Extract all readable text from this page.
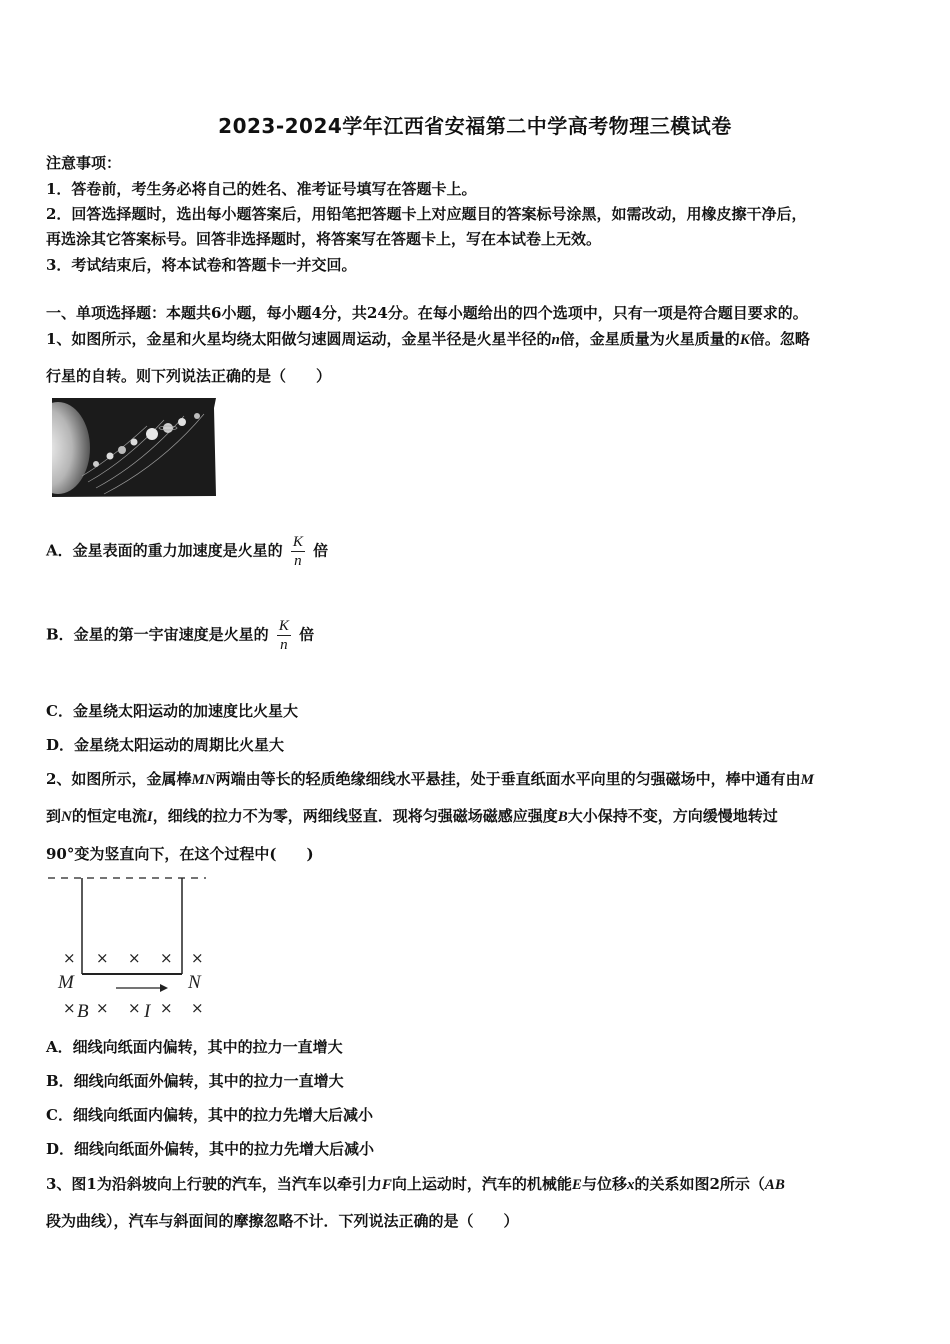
2023-2024学年江西省安福第二中学高考物理三模试卷
注意事项：
1．答卷前，考生务必将自己的姓名、准考证号填写在答题卡上。
2．回答选择题时，选出每小题答案后，用铅笔把答题卡上对应题目的答案标号涂黑，如需改动，用橡皮擦干净后，
再选涂其它答案标号。回答非选择题时，将答案写在答题卡上，写在本试卷上无效。
3．考试结束后，将本试卷和答题卡一并交回。
一、单项选择题：本题共6小题，每小题4分，共24分。在每小题给出的四个选项中，只有一项是符合题目要求的。
1、如图所示，金星和火星均绕太阳做匀速圆周运动，金星半径是火星半径的n倍，金星质量为火星质量的K倍。忽略
行星的自转。则下列说法正确的是（　　）
A．金星表面的重力加速度是火星的 $\frac{K}{n}$ 倍
B．金星的第一宇宙速度是火星的 $\frac{K}{n}$ 倍
C．金星绕太阳运动的加速度比火星大
D．金星绕太阳运动的周期比火星大
2、如图所示，金属棒MN两端由等长的轻质绝缘细线水平悬挂，处于垂直纸面水平向里的匀强磁场中，棒中通有由M
到N的恒定电流I，细线的拉力不为零，两细线竖直．现将匀强磁场磁感应强度B大小保持不变，方向缓慢地转过
90°变为竖直向下，在这个过程中(　　)
× × × × ×
× × × × ×
M	N
B	I
A．细线向纸面内偏转，其中的拉力一直增大
B．细线向纸面外偏转，其中的拉力一直增大
C．细线向纸面内偏转，其中的拉力先增大后减小
D．细线向纸面外偏转，其中的拉力先增大后减小
3、图1为沿斜坡向上行驶的汽车，当汽车以牵引力F向上运动时，汽车的机械能E与位移x的关系如图2所示（AB
段为曲线），汽车与斜面间的摩擦忽略不计．下列说法正确的是（　　）
